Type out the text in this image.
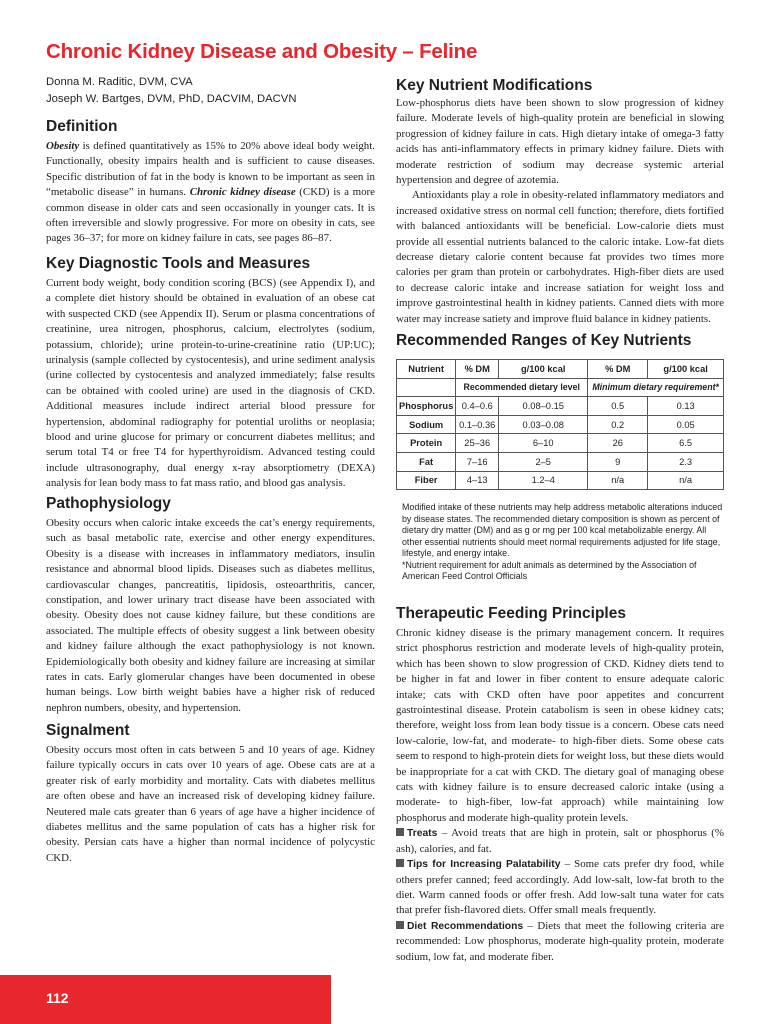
Chronic Kidney Disease and Obesity – Feline
Donna M. Raditic, DVM, CVA
Joseph W. Bartges, DVM, PhD, DACVIM, DACVN
Definition

Obesity is defined quantitatively as 15% to 20% above ideal body weight. Functionally, obesity impairs health and is sufficient to cause diseases. Specific distribution of fat in the body is known to be important as seen in “metabolic disease” in humans. Chronic kidney disease (CKD) is a more common disease in older cats and seen occasionally in younger cats. It is often irreversible and slowly progressive. For more on obesity in cats, see pages 36–37; for more on kidney failure in cats, see pages 86–87.

Key Diagnostic Tools and Measures

Current body weight, body condition scoring (BCS) (see Appendix I), and a complete diet history should be obtained in evaluation of an obese cat with suspected CKD (see Appendix II). Serum or plasma concentrations of creatinine, urea nitrogen, phosphorus, calcium, electrolytes (sodium, potassium, chloride); urine protein-to-urine-creatinine ratio (UP:UC); urinalysis (sample collected by cystocentesis), and urine sediment analysis (urine collected by cystocentesis and analyzed immediately; false results can be obtained with cooled urine) are used in the diagnosis of CKD. Additional measures include indirect arterial blood pressure for hypertension, abdominal radiography for potential uroliths or neoplasia; blood and urine glucose for primary or concurrent diabetes mellitus; and serum total T4 or free T4 for hyperthyroidism. Advanced testing could include ultrasonography, dual energy x-ray absorptiometry (DEXA) analysis for lean body mass to fat mass ratio, and blood gas analysis.

Pathophysiology

Obesity occurs when caloric intake exceeds the cat’s energy requirements, such as basal metabolic rate, exercise and other energy expenditures. Obesity is a disease with increases in inflammatory mediators, insulin resistance and abnormal blood lipids. Diseases such as diabetes mellitus, cardiovascular changes, pancreatitis, lipidosis, osteoarthritis, cancer, constipation, and lower urinary tract disease have been associated with obesity. Obesity does not cause kidney failure, but these conditions are associated. The multiple effects of obesity suggest a link between obesity and kidney failure although the exact pathophysiology is not known. Epidemiologically both obesity and kidney failure are increasing at similar rates in cats. Early glomerular changes have been documented in obese human beings. Low birth weight babies have a higher risk of reduced nephron numbers, obesity, and hypertension.

Signalment

Obesity occurs most often in cats between 5 and 10 years of age. Kidney failure typically occurs in cats over 10 years of age. Obese cats are at a greater risk of early morbidity and mortality. Cats with diabetes mellitus are often obese and have an increased risk of developing kidney failure. Neutered male cats greater than 6 years of age have a higher incidence of diabetes mellitus and the same population of cats has a higher risk for obesity. Persian cats have a higher than normal incidence of polycystic CKD.

Key Nutrient Modifications

Low-phosphorus diets have been shown to slow progression of kidney failure. Moderate levels of high-quality protein are beneficial in slowing progression of kidney failure in cats. High dietary intake of omega-3 fatty acids has anti-inflammatory effects in primary kidney failure. Diets with moderate restriction of sodium may decrease systemic arterial hypertension and degree of azotemia.

Antioxidants play a role in obesity-related inflammatory mediators and increased oxidative stress on normal cell function; therefore, diets fortified with balanced antioxidants will be beneficial. Low-calorie diets must provide all essential nutrients balanced to the caloric intake. Low-fat diets decrease dietary calorie content because fat provides two times more calories per gram than protein or carbohydrates. High-fiber diets are used to decrease caloric intake and increase satiation for weight loss and improve gastrointestinal health in kidney patients. Canned diets with more water may increase satiety and improve fluid balance in kidney patients.

Recommended Ranges of Key Nutrients
Nutrient	% DM	g/100 kcal	% DM	g/100 kcal
	Recommended dietary level		Minimum dietary requirement*	
Phosphorus	0.4–0.6	0.08–0.15	0.5	0.13
Sodium	0.1–0.36	0.03–0.08	0.2	0.05
Protein	25–36	6–10	26	6.5
Fat	7–16	2–5	9	2.3
Fiber	4–13	1.2–4	n/a	n/a
Modified intake of these nutrients may help address metabolic alterations induced by disease states. The recommended dietary composition is shown as percent of dietary dry matter (DM) and as g or mg per 100 kcal metabolizable energy. All other essential nutrients should meet normal requirements adjusted for life stage, lifestyle, and energy intake.
*Nutrient requirement for adult animals as determined by the Association of American Feed Control Officials
Therapeutic Feeding Principles

Chronic kidney disease is the primary management concern. It requires strict phosphorus restriction and moderate levels of high-quality protein, which has been shown to slow progression of CKD. Kidney diets tend to be higher in fat and lower in fiber content to ensure adequate caloric intake; cats with CKD often have poor appetites and concurrent gastrointestinal disease. Protein catabolism is seen in obese kidney cats; therefore, weight loss from lean body tissue is a concern. Obese cats need low-calorie, low-fat, and moderate- to high-fiber diets. Some obese cats seem to respond to high-protein diets for weight loss, but these diets would be inappropriate for a cat with CKD. The dietary goal of managing obese cats with kidney failure is to ensure decreased caloric intake (using a moderate- to high-fiber, low-fat approach) while maintaining low phosphorus and moderate high-quality protein levels.

Treats – Avoid treats that are high in protein, salt or phosphorus (% ash), calories, and fat.

Tips for Increasing Palatability – Some cats prefer dry food, while others prefer canned; feed accordingly. Add low-salt, low-fat broth to the diet. Warm canned foods or offer fresh. Add low-salt tuna water for cats that prefer fish-flavored diets. Offer small meals frequently.

Diet Recommendations – Diets that meet the following criteria are recommended: Low phosphorus, moderate high-quality protein, moderate sodium, low fat, and moderate fiber.

112
